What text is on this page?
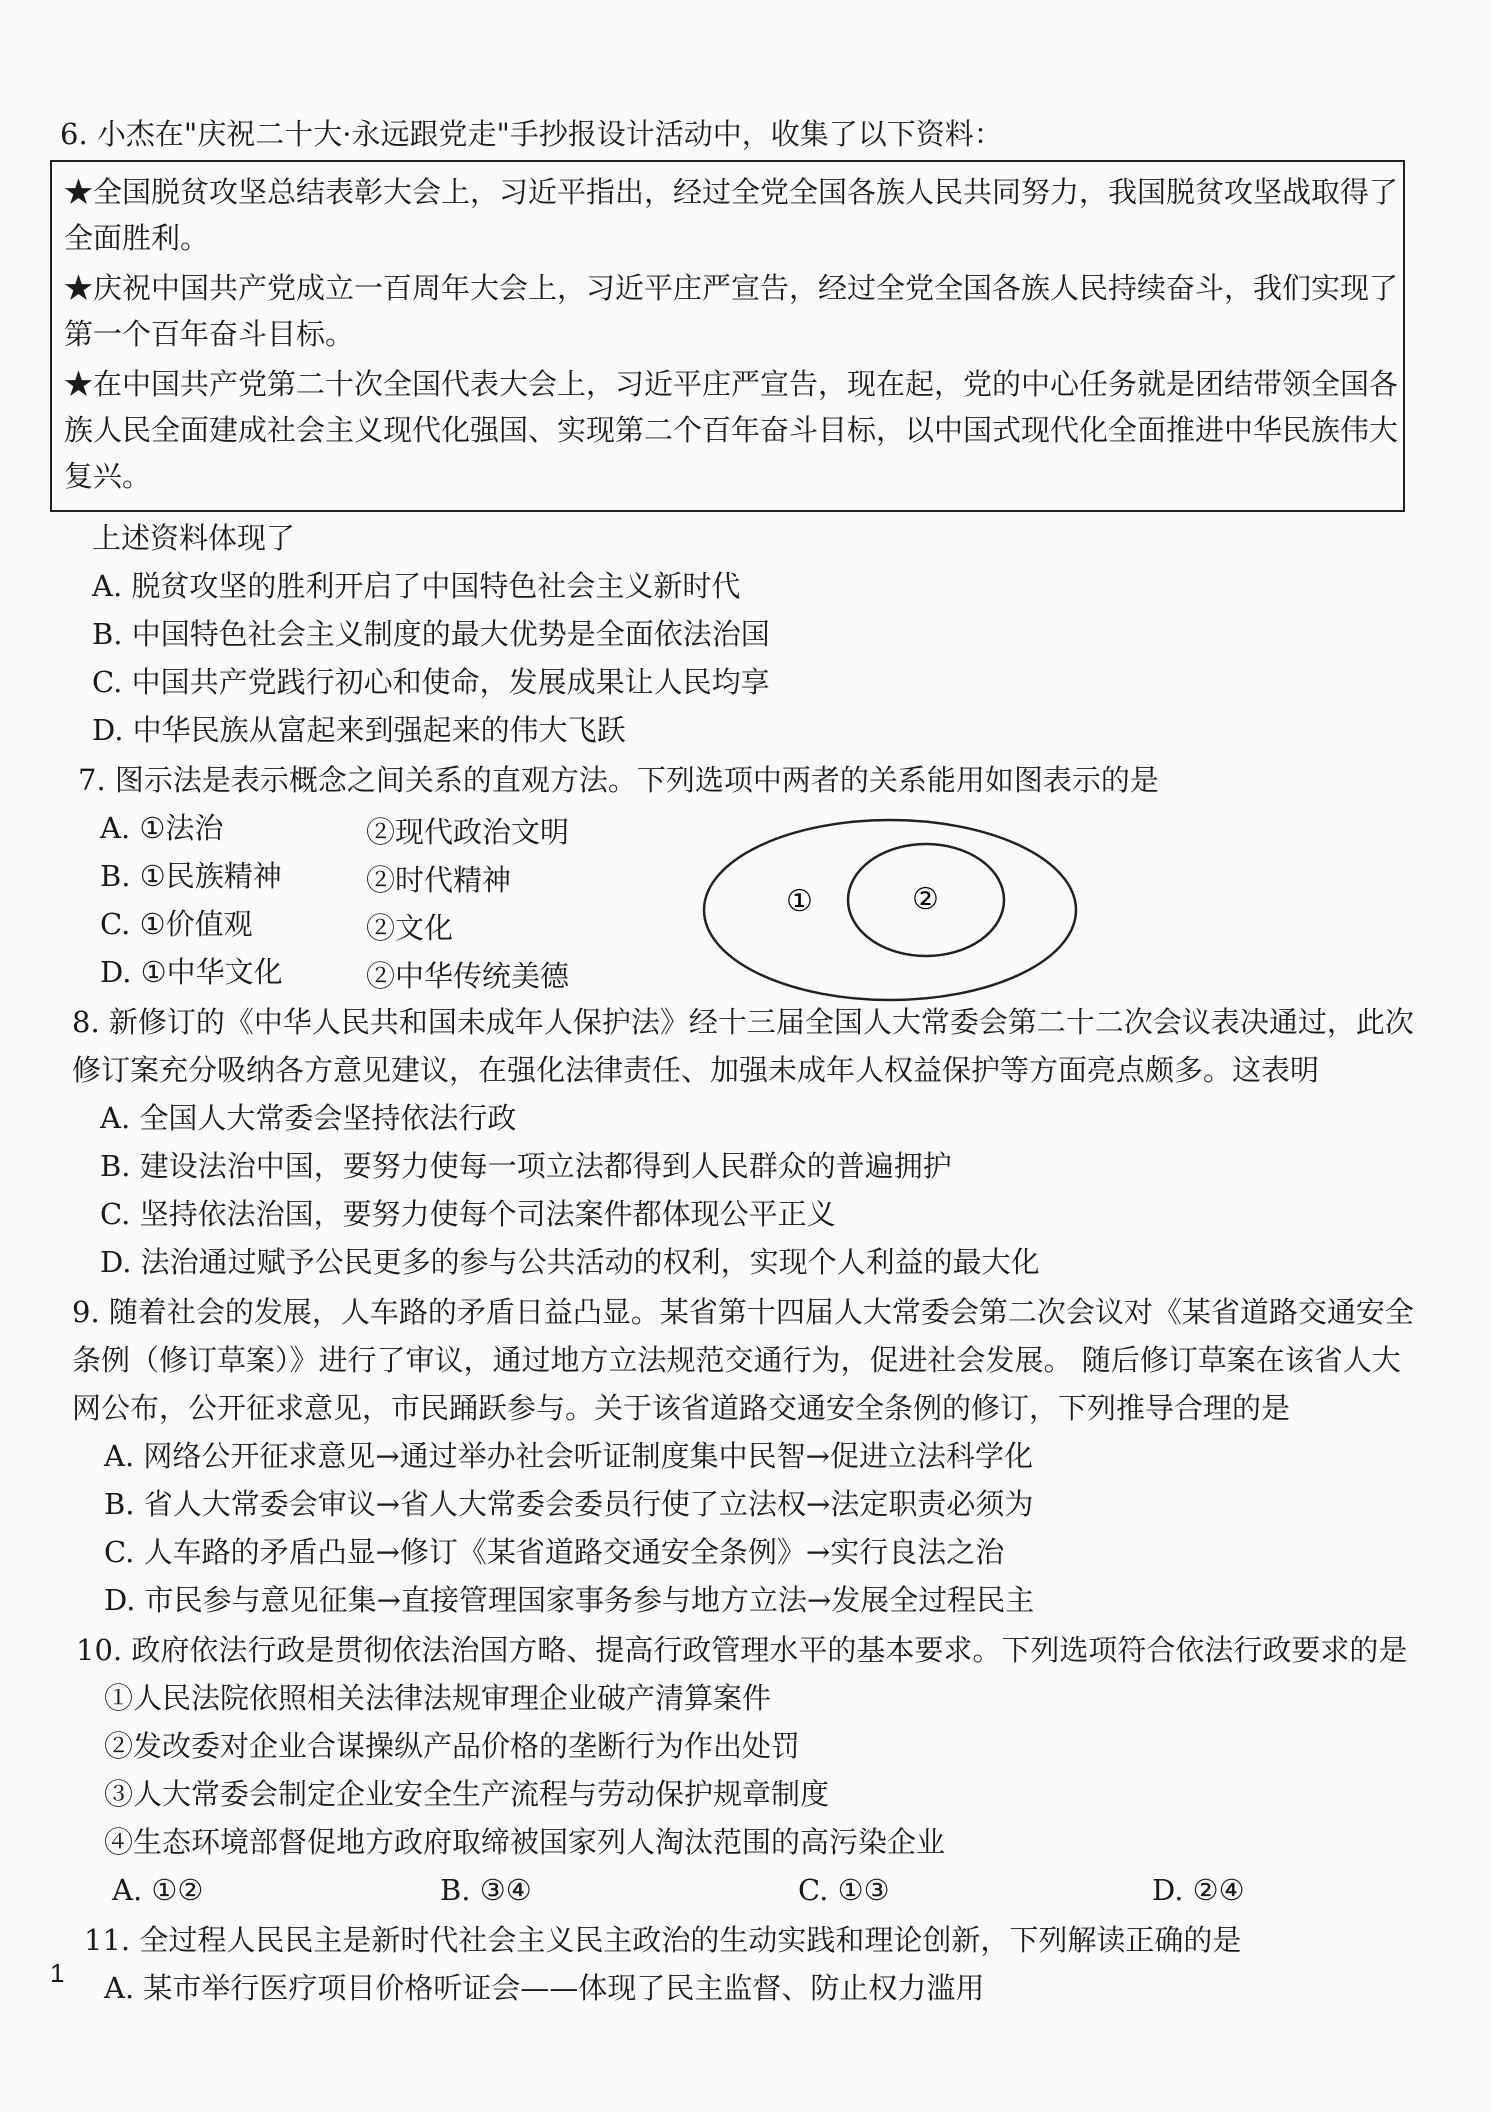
6. 小杰在"庆祝二十大·永远跟党走"手抄报设计活动中，收集了以下资料：
★全国脱贫攻坚总结表彰大会上，习近平指出，经过全党全国各族人民共同努力，我国脱贫攻坚战取得了
全面胜利。
★庆祝中国共产党成立一百周年大会上，习近平庄严宣告，经过全党全国各族人民持续奋斗，我们实现了
第一个百年奋斗目标。
★在中国共产党第二十次全国代表大会上，习近平庄严宣告，现在起，党的中心任务就是团结带领全国各
族人民全面建成社会主义现代化强国、实现第二个百年奋斗目标，以中国式现代化全面推进中华民族伟大
复兴。
上述资料体现了
A. 脱贫攻坚的胜利开启了中国特色社会主义新时代
B. 中国特色社会主义制度的最大优势是全面依法治国
C. 中国共产党践行初心和使命，发展成果让人民均享
D. 中华民族从富起来到强起来的伟大飞跃
7. 图示法是表示概念之间关系的直观方法。下列选项中两者的关系能用如图表示的是
A. ①法治	②现代政治文明
B. ①民族精神	②时代精神
C. ①价值观	②文化
D. ①中华文化	②中华传统美德
①	②
8. 新修订的《中华人民共和国未成年人保护法》经十三届全国人大常委会第二十二次会议表决通过，此次
修订案充分吸纳各方意见建议，在强化法律责任、加强未成年人权益保护等方面亮点颇多。这表明
A. 全国人大常委会坚持依法行政
B. 建设法治中国，要努力使每一项立法都得到人民群众的普遍拥护
C. 坚持依法治国，要努力使每个司法案件都体现公平正义
D. 法治通过赋予公民更多的参与公共活动的权利，实现个人利益的最大化
9. 随着社会的发展，人车路的矛盾日益凸显。某省第十四届人大常委会第二次会议对《某省道路交通安全
条例（修订草案）》进行了审议，通过地方立法规范交通行为，促进社会发展。 随后修订草案在该省人大
网公布，公开征求意见，市民踊跃参与。关于该省道路交通安全条例的修订，下列推导合理的是
A. 网络公开征求意见→通过举办社会听证制度集中民智→促进立法科学化
B. 省人大常委会审议→省人大常委会委员行使了立法权→法定职责必须为
C. 人车路的矛盾凸显→修订《某省道路交通安全条例》→实行良法之治
D. 市民参与意见征集→直接管理国家事务参与地方立法→发展全过程民主
10. 政府依法行政是贯彻依法治国方略、提高行政管理水平的基本要求。下列选项符合依法行政要求的是
①人民法院依照相关法律法规审理企业破产清算案件
②发改委对企业合谋操纵产品价格的垄断行为作出处罚
③人大常委会制定企业安全生产流程与劳动保护规章制度
④生态环境部督促地方政府取缔被国家列人淘汰范围的高污染企业
A. ①②	B. ③④	C. ①③	D. ②④
11. 全过程人民民主是新时代社会主义民主政治的生动实践和理论创新，下列解读正确的是
A. 某市举行医疗项目价格听证会——体现了民主监督、防止权力滥用
1
